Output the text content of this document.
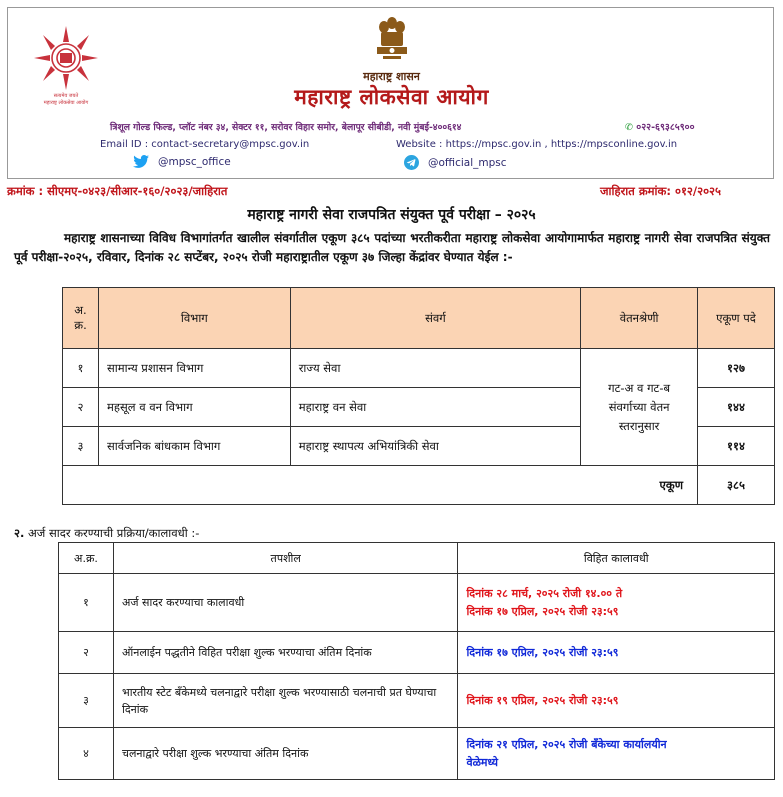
सत्यमेव जयते
महाराष्ट्र लोकसेवा आयोग
महाराष्ट्र शासन
महाराष्ट्र लोकसेवा आयोग
त्रिशूल गोल्ड फिल्ड, प्लॉट नंबर ३४, सेक्टर ११, सरोवर विहार समोर, बेलापूर सीबीडी, नवी मुंबई-४००६१४	✆ ०२२-६९३८५९००
Email ID : contact-secretary@mpsc.gov.in	Website : https://mpsc.gov.in , https://mpsconline.gov.in
@mpsc_office	@official_mpsc
क्रमांक : सीएमए-०४२३/सीआर-१६०/२०२३/जाहिरात	जाहिरात क्रमांक: ०१२/२०२५
महाराष्ट्र नागरी सेवा राजपत्रित संयुक्त पूर्व परीक्षा – २०२५
महाराष्ट्र शासनाच्या विविध विभागांतर्गत खालील संवर्गातील एकूण ३८५ पदांच्या भरतीकरीता महाराष्ट्र लोकसेवा आयोगामार्फत महाराष्ट्र नागरी सेवा राजपत्रित संयुक्त पूर्व परीक्षा-२०२५, रविवार, दिनांक २८ सप्टेंबर, २०२५ रोजी महाराष्ट्रातील एकूण ३७ जिल्हा केंद्रांवर घेण्यात येईल :-
अ. क्र.	विभाग	संवर्ग	वेतनश्रेणी	एकूण पदे
१	सामान्य प्रशासन विभाग	राज्य सेवा	गट-अ व गट-ब संवर्गाच्या वेतन स्तरानुसार	१२७
२	महसूल व वन विभाग	महाराष्ट्र वन सेवा		१४४
३	सार्वजनिक बांधकाम विभाग	महाराष्ट्र स्थापत्य अभियांत्रिकी सेवा		११४
एकूण				३८५
२. अर्ज सादर करण्याची प्रक्रिया/कालावधी :-
अ.क्र.	तपशील	विहित कालावधी
१	अर्ज सादर करण्याचा कालावधी	दिनांक २८ मार्च, २०२५ रोजी १४.०० ते
दिनांक १७ एप्रिल, २०२५ रोजी २३:५९

२	ऑनलाईन पद्धतीने विहित परीक्षा शुल्क भरण्याचा अंतिम दिनांक	दिनांक १७ एप्रिल, २०२५ रोजी २३:५९
३	भारतीय स्टेट बँकेमध्ये चलनाद्वारे परीक्षा शुल्क भरण्यासाठी चलनाची प्रत घेण्याचा दिनांक	दिनांक १९ एप्रिल, २०२५ रोजी २३:५९
४	चलनाद्वारे परीक्षा शुल्क भरण्याचा अंतिम दिनांक	दिनांक २१ एप्रिल, २०२५ रोजी बँकेच्या कार्यालयीन
वेळेमध्ये
